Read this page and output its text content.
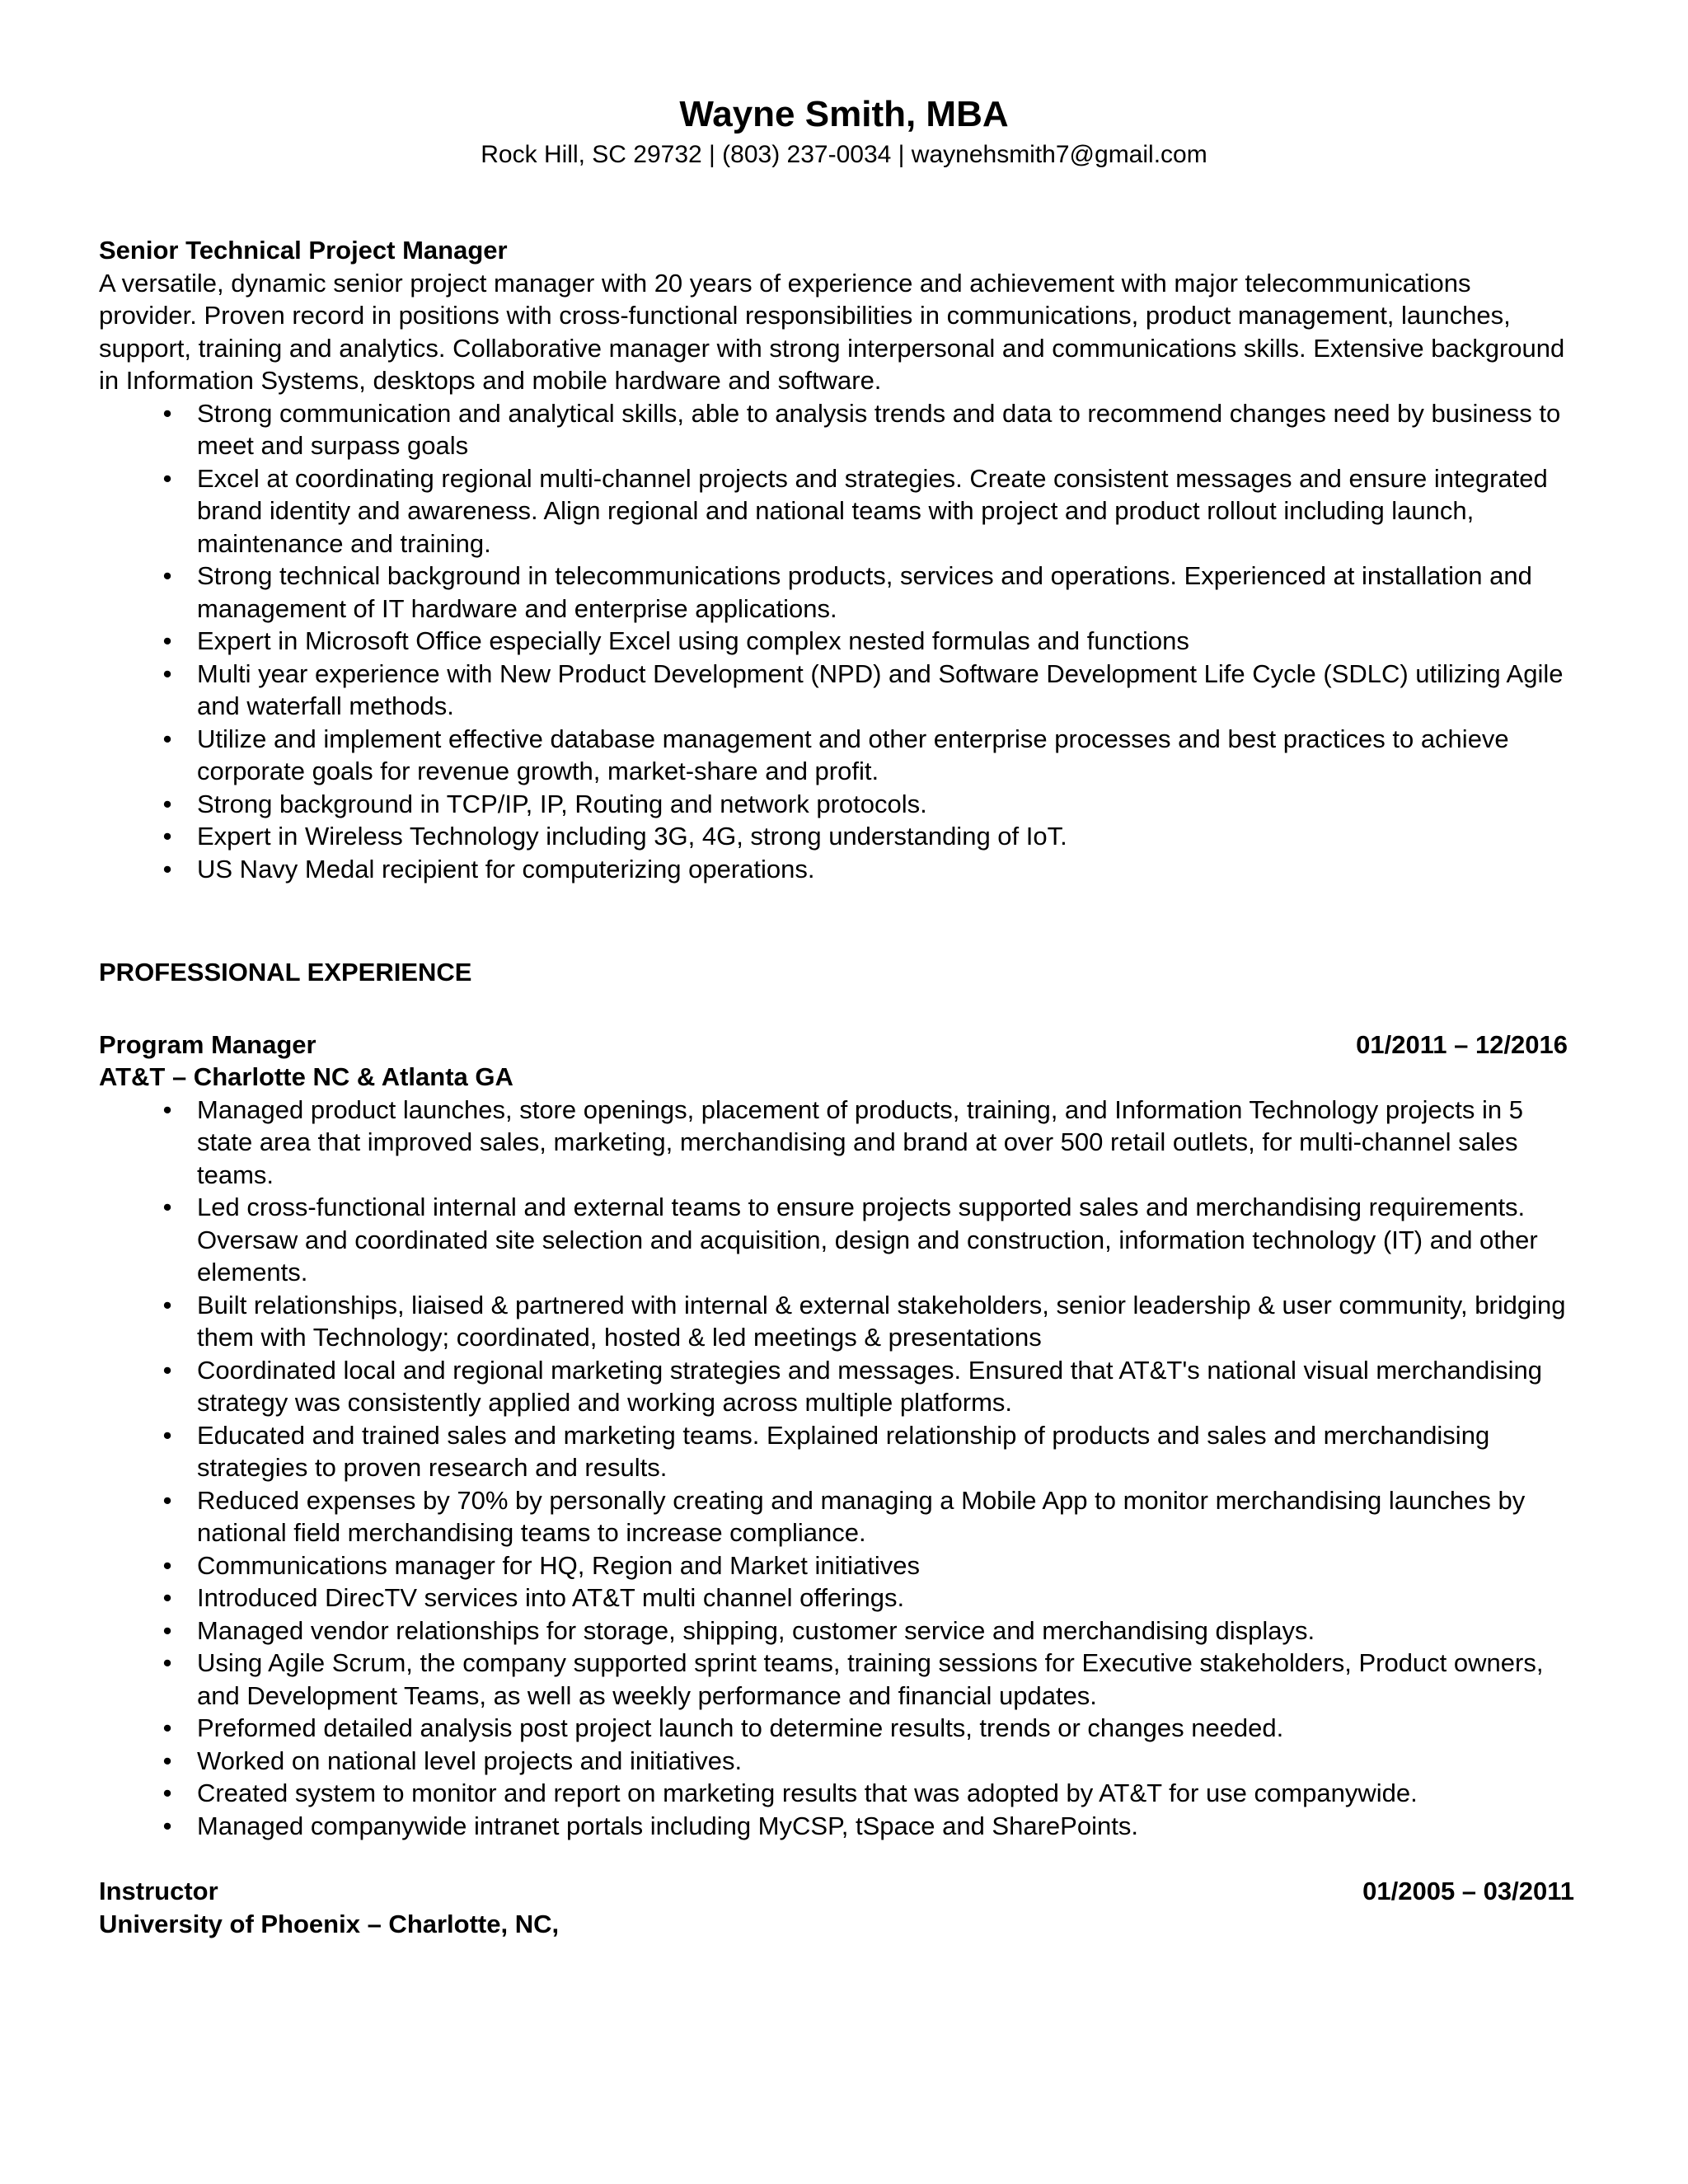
Wayne Smith, MBA
Rock Hill, SC 29732 | (803) 237-0034 | waynehsmith7@gmail.com
Senior Technical Project Manager

A versatile, dynamic senior project manager with 20 years of experience and achievement with major telecommunications provider. Proven record in positions with cross-functional responsibilities in communications, product management, launches, support, training and analytics. Collaborative manager with strong interpersonal and communications skills. Extensive background in Information Systems, desktops and mobile hardware and software.

• Strong communication and analytical skills, able to analysis trends and data to recommend changes need by business to meet and surpass goals
• Excel at coordinating regional multi-channel projects and strategies. Create consistent messages and ensure integrated brand identity and awareness. Align regional and national teams with project and product rollout including launch, maintenance and training.
• Strong technical background in telecommunications products, services and operations. Experienced at installation and management of IT hardware and enterprise applications.
• Expert in Microsoft Office especially Excel using complex nested formulas and functions
• Multi year experience with New Product Development (NPD) and Software Development Life Cycle (SDLC) utilizing Agile and waterfall methods.
• Utilize and implement effective database management and other enterprise processes and best practices to achieve corporate goals for revenue growth, market-share and profit.
• Strong background in TCP/IP, IP, Routing and network protocols.
• Expert in Wireless Technology including 3G, 4G, strong understanding of IoT.
• US Navy Medal recipient for computerizing operations.
PROFESSIONAL EXPERIENCE
Program Manager	01/2011 – 12/2016
AT&T – Charlotte NC & Atlanta GA
• Managed product launches, store openings, placement of products, training, and Information Technology projects in 5 state area that improved sales, marketing, merchandising and brand at over 500 retail outlets, for multi-channel sales teams.
• Led cross-functional internal and external teams to ensure projects supported sales and merchandising requirements. Oversaw and coordinated site selection and acquisition, design and construction, information technology (IT) and other elements.
• Built relationships, liaised & partnered with internal & external stakeholders, senior leadership & user community, bridging them with Technology; coordinated, hosted & led meetings & presentations
• Coordinated local and regional marketing strategies and messages. Ensured that AT&T's national visual merchandising strategy was consistently applied and working across multiple platforms.
• Educated and trained sales and marketing teams. Explained relationship of products and sales and merchandising strategies to proven research and results.
• Reduced expenses by 70% by personally creating and managing a Mobile App to monitor merchandising launches by national field merchandising teams to increase compliance.
• Communications manager for HQ, Region and Market initiatives
• Introduced DirecTV services into AT&T multi channel offerings.
• Managed vendor relationships for storage, shipping, customer service and merchandising displays.
• Using Agile Scrum, the company supported sprint teams, training sessions for Executive stakeholders, Product owners, and Development Teams, as well as weekly performance and financial updates.
• Preformed detailed analysis post project launch to determine results, trends or changes needed.
• Worked on national level projects and initiatives.
• Created system to monitor and report on marketing results that was adopted by AT&T for use companywide.
• Managed companywide intranet portals including MyCSP, tSpace and SharePoints.
Instructor	01/2005 – 03/2011
University of Phoenix – Charlotte, NC,
